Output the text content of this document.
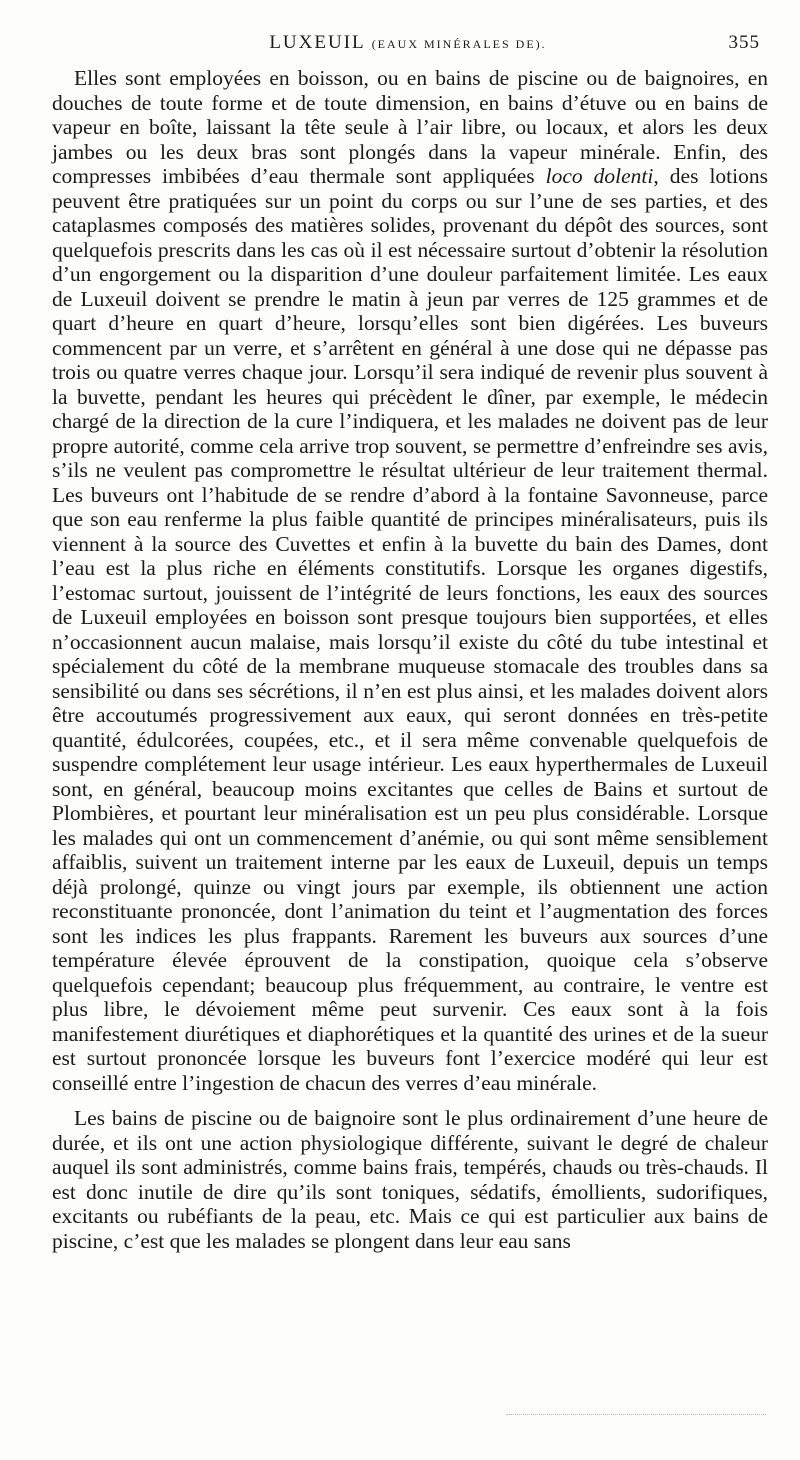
LUXEUIL (EAUX MINÉRALES DE).	355

Elles sont employées en boisson, ou en bains de piscine ou de baignoires, en douches de toute forme et de toute dimension, en bains d’étuve ou en bains de vapeur en boîte, laissant la tête seule à l’air libre, ou locaux, et alors les deux jambes ou les deux bras sont plongés dans la vapeur minérale. Enfin, des compresses imbibées d’eau thermale sont appliquées loco dolenti, des lotions peuvent être pratiquées sur un point du corps ou sur l’une de ses parties, et des cataplasmes composés des matières solides, provenant du dépôt des sources, sont quelquefois prescrits dans les cas où il est nécessaire surtout d’obtenir la résolution d’un engorgement ou la disparition d’une douleur parfaitement limitée. Les eaux de Luxeuil doivent se prendre le matin à jeun par verres de 125 grammes et de quart d’heure en quart d’heure, lorsqu’elles sont bien digérées. Les buveurs commencent par un verre, et s’arrêtent en général à une dose qui ne dépasse pas trois ou quatre verres chaque jour. Lorsqu’il sera indiqué de revenir plus souvent à la buvette, pendant les heures qui précèdent le dîner, par exemple, le médecin chargé de la direction de la cure l’indiquera, et les malades ne doivent pas de leur propre autorité, comme cela arrive trop souvent, se permettre d’enfreindre ses avis, s’ils ne veulent pas compromettre le résultat ultérieur de leur traitement thermal. Les buveurs ont l’habitude de se rendre d’abord à la fontaine Savonneuse, parce que son eau renferme la plus faible quantité de principes minéralisateurs, puis ils viennent à la source des Cuvettes et enfin à la buvette du bain des Dames, dont l’eau est la plus riche en éléments constitutifs. Lorsque les organes digestifs, l’estomac surtout, jouissent de l’intégrité de leurs fonctions, les eaux des sources de Luxeuil employées en boisson sont presque toujours bien supportées, et elles n’occasionnent aucun malaise, mais lorsqu’il existe du côté du tube intestinal et spécialement du côté de la membrane muqueuse stomacale des troubles dans sa sensibilité ou dans ses sécrétions, il n’en est plus ainsi, et les malades doivent alors être accoutumés progressivement aux eaux, qui seront données en très-petite quantité, édulcorées, coupées, etc., et il sera même convenable quelquefois de suspendre complétement leur usage intérieur. Les eaux hyperthermales de Luxeuil sont, en général, beaucoup moins excitantes que celles de Bains et surtout de Plombières, et pourtant leur minéralisation est un peu plus considérable. Lorsque les malades qui ont un commencement d’anémie, ou qui sont même sensiblement affaiblis, suivent un traitement interne par les eaux de Luxeuil, depuis un temps déjà prolongé, quinze ou vingt jours par exemple, ils obtiennent une action reconstituante prononcée, dont l’animation du teint et l’augmentation des forces sont les indices les plus frappants. Rarement les buveurs aux sources d’une température élevée éprouvent de la constipation, quoique cela s’observe quelquefois cependant; beaucoup plus fréquemment, au contraire, le ventre est plus libre, le dévoiement même peut survenir. Ces eaux sont à la fois manifestement diurétiques et diaphorétiques et la quantité des urines et de la sueur est surtout prononcée lorsque les buveurs font l’exercice modéré qui leur est conseillé entre l’ingestion de chacun des verres d’eau minérale.

Les bains de piscine ou de baignoire sont le plus ordinairement d’une heure de durée, et ils ont une action physiologique différente, suivant le degré de chaleur auquel ils sont administrés, comme bains frais, tempérés, chauds ou très-chauds. Il est donc inutile de dire qu’ils sont toniques, sédatifs, émollients, sudorifiques, excitants ou rubéfiants de la peau, etc. Mais ce qui est particulier aux bains de piscine, c’est que les malades se plongent dans leur eau sans
